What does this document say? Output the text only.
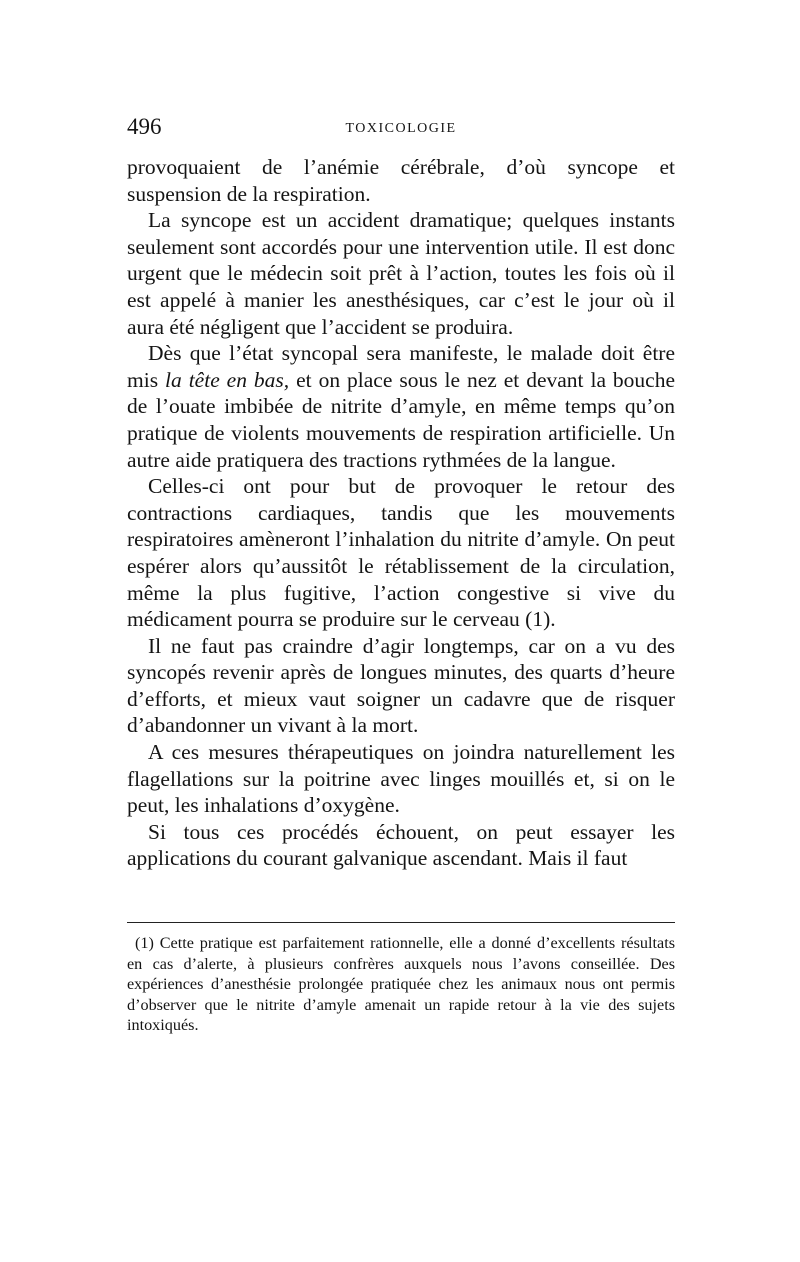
496	TOXICOLOGIE

provoquaient de l’anémie cérébrale, d’où syncope et suspension de la respiration.

La syncope est un accident dramatique; quelques instants seulement sont accordés pour une intervention utile. Il est donc urgent que le médecin soit prêt à l’action, toutes les fois où il est appelé à manier les anesthésiques, car c’est le jour où il aura été négligent que l’accident se produira.

Dès que l’état syncopal sera manifeste, le malade doit être mis la tête en bas, et on place sous le nez et devant la bouche de l’ouate imbibée de nitrite d’amyle, en même temps qu’on pratique de violents mouvements de respiration artificielle. Un autre aide pratiquera des tractions rythmées de la langue.

Celles-ci ont pour but de provoquer le retour des contractions cardiaques, tandis que les mouvements respiratoires amèneront l’inhalation du nitrite d’amyle. On peut espérer alors qu’aussitôt le rétablissement de la circulation, même la plus fugitive, l’action congestive si vive du médicament pourra se produire sur le cerveau (1).

Il ne faut pas craindre d’agir longtemps, car on a vu des syncopés revenir après de longues minutes, des quarts d’heure d’efforts, et mieux vaut soigner un cadavre que de risquer d’abandonner un vivant à la mort.

A ces mesures thérapeutiques on joindra naturellement les flagellations sur la poitrine avec linges mouillés et, si on le peut, les inhalations d’oxygène.

Si tous ces procédés échouent, on peut essayer les applications du courant galvanique ascendant. Mais il faut

(1) Cette pratique est parfaitement rationnelle, elle a donné d’excellents résultats en cas d’alerte, à plusieurs confrères auxquels nous l’avons conseillée. Des expériences d’anesthésie prolongée pratiquée chez les animaux nous ont permis d’observer que le nitrite d’amyle amenait un rapide retour à la vie des sujets intoxiqués.
